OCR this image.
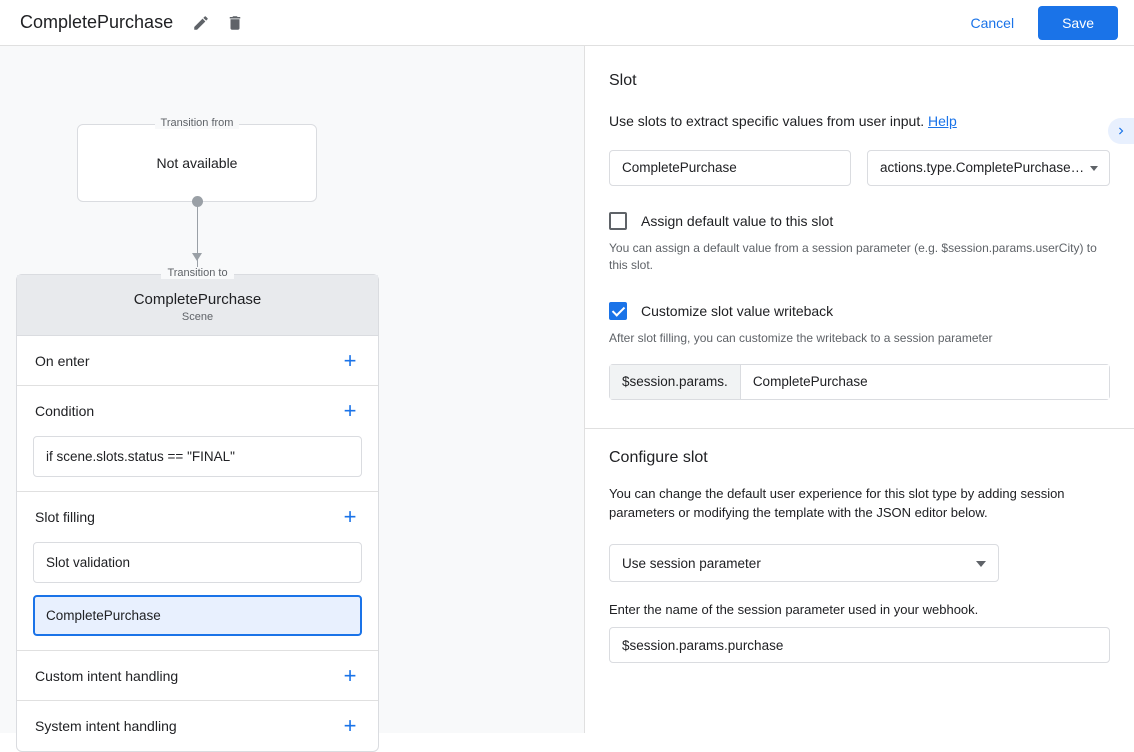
CompletePurchase	Cancel	Save
Transition from
Not available
Transition to
CompletePurchase
Scene
On enter	+
Condition	+
if scene.slots.status == "FINAL"
Slot filling	+
Slot validation
CompletePurchase
Custom intent handling	+
System intent handling	+
Slot
Use slots to extract specific values from user input. Help
CompletePurchase	actions.type.CompletePurchase…
Assign default value to this slot
You can assign a default value from a session parameter (e.g. $session.params.userCity) to this slot.
Customize slot value writeback
After slot filling, you can customize the writeback to a session parameter
$session.params.	CompletePurchase
Configure slot
You can change the default user experience for this slot type by adding session parameters or modifying the template with the JSON editor below.
Use session parameter
Enter the name of the session parameter used in your webhook.
$session.params.purchase
